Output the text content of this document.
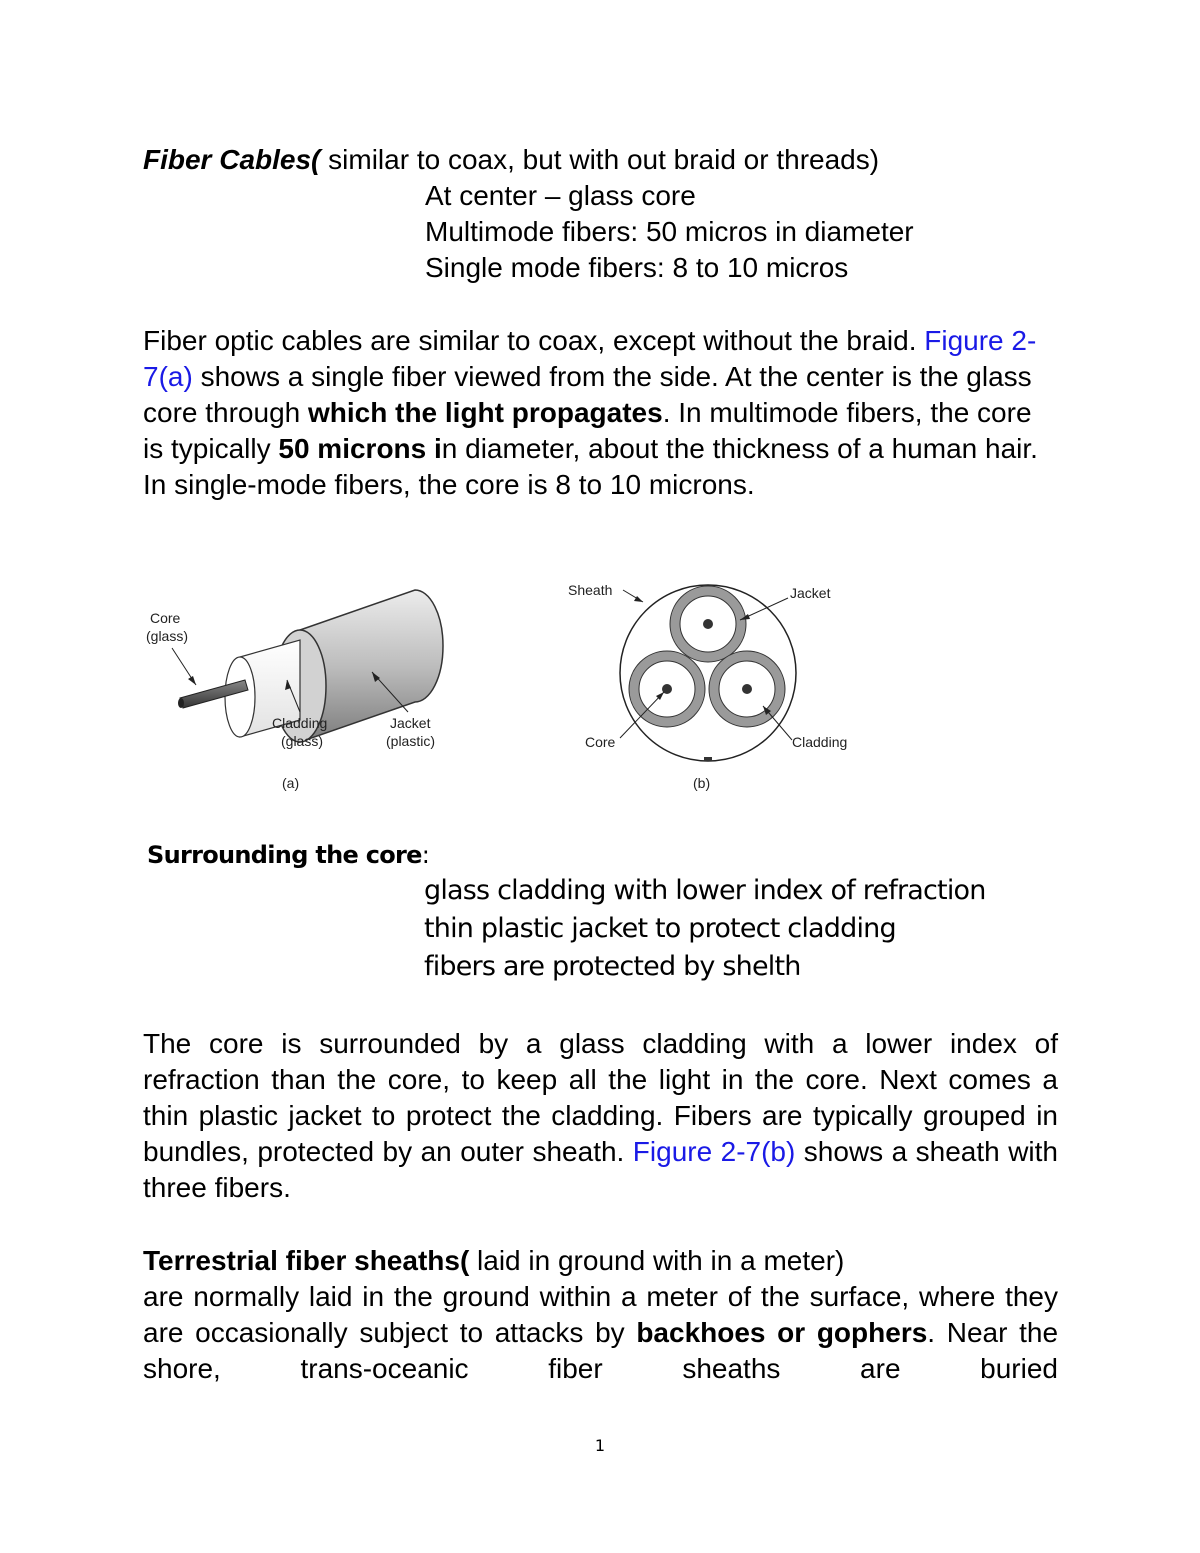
Fiber Cables( similar to coax, but with out braid or threads)
At center – glass core
Multimode fibers: 50 micros in diameter
Single mode fibers: 8 to 10 micros
Fiber optic cables are similar to coax, except without the braid. Figure 2-7(a) shows a single fiber viewed from the side. At the center is the glass core through which the light propagates. In multimode fibers, the core is typically 50 microns in diameter, about the thickness of a human hair. In single-mode fibers, the core is 8 to 10 microns.
Core
(glass)
Cladding
(glass)
Jacket
(plastic)
(a)
Sheath	Jacket
Core	Cladding
(b)
Surrounding the core:
glass cladding with lower index of refraction
thin plastic jacket to protect cladding
fibers are protected by shelth
The core is surrounded by a glass cladding with a lower index of refraction than the core, to keep all the light in the core. Next comes a thin plastic jacket to protect the cladding. Fibers are typically grouped in bundles, protected by an outer sheath. Figure 2-7(b) shows a sheath with three fibers.
Terrestrial fiber sheaths( laid in ground with in a meter)
are normally laid in the ground within a meter of the surface, where they are occasionally subject to attacks by backhoes or gophers. Near the shore, trans-oceanic fiber sheaths are buried
1
